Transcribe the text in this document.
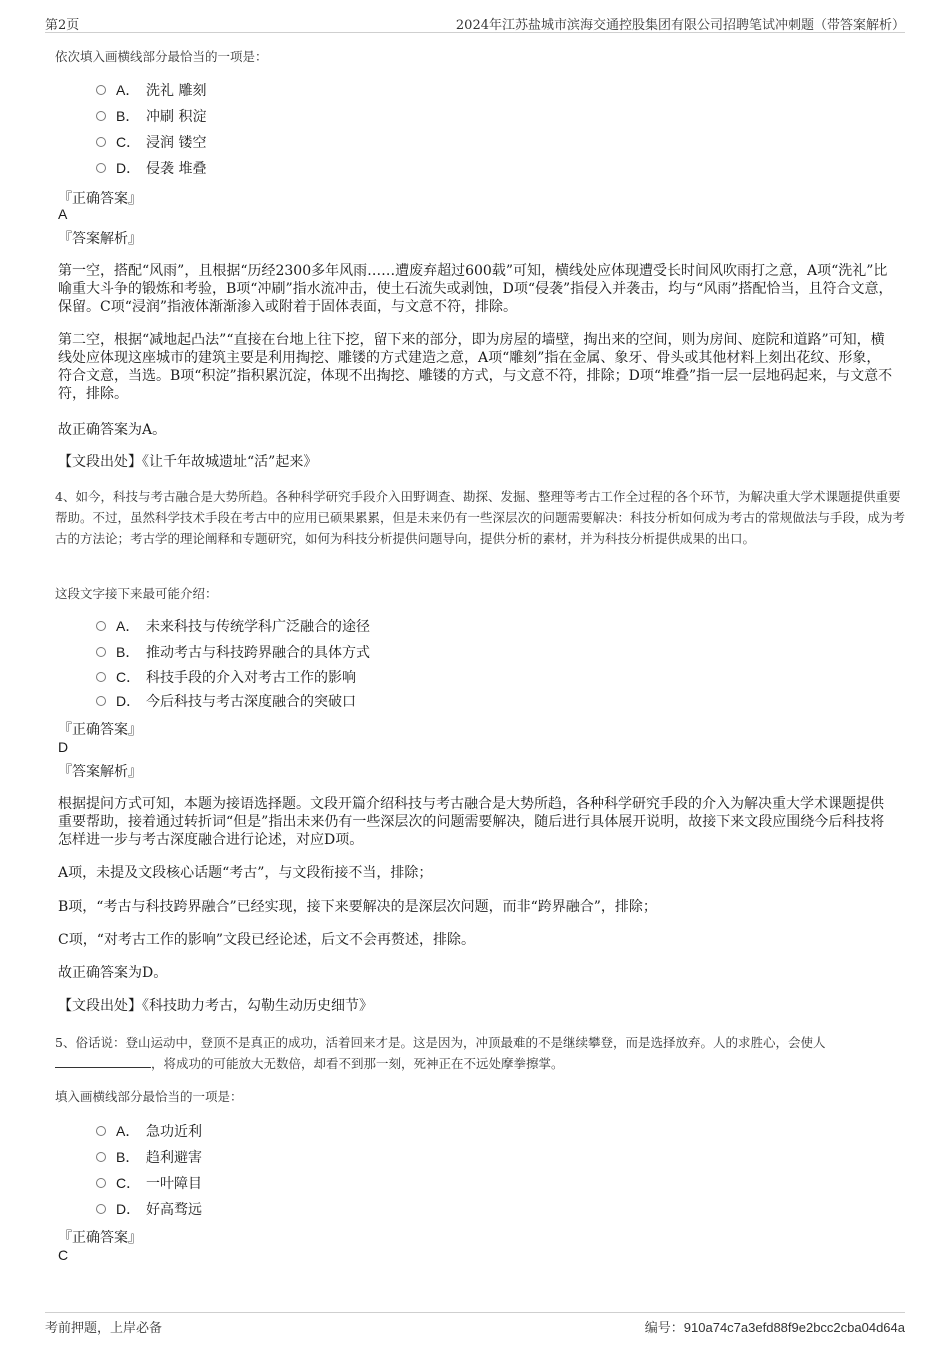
第2页	2024年江苏盐城市滨海交通控股集团有限公司招聘笔试冲刺题（带答案解析）
依次填入画横线部分最恰当的一项是：
A． 洗礼 雕刻
B． 冲刷 积淀
C． 浸润 镂空
D． 侵袭 堆叠
『正确答案』
A
『答案解析』
第一空，搭配“风雨”，且根据“历经2300多年风雨……遭废弃超过600载”可知，横线处应体现遭受长时间风吹雨打之意，A项“洗礼”比喻重大斗争的锻炼和考验，B项“冲刷”指水流冲击，使土石流失或剥蚀，D项“侵袭”指侵入并袭击，均与“风雨”搭配恰当，且符合文意，保留。C项“浸润”指液体渐渐渗入或附着于固体表面，与文意不符，排除。
第二空，根据“减地起凸法”“直接在台地上往下挖，留下来的部分，即为房屋的墙壁，掏出来的空间，则为房间、庭院和道路”可知，横线处应体现这座城市的建筑主要是利用掏挖、雕镂的方式建造之意，A项“雕刻”指在金属、象牙、骨头或其他材料上刻出花纹、形象，符合文意，当选。B项“积淀”指积累沉淀，体现不出掏挖、雕镂的方式，与文意不符，排除；D项“堆叠”指一层一层地码起来，与文意不符，排除。
故正确答案为A。
【文段出处】《让千年故城遗址“活”起来》
4、如今，科技与考古融合是大势所趋。各种科学研究手段介入田野调查、勘探、发掘、整理等考古工作全过程的各个环节，为解决重大学术课题提供重要帮助。不过，虽然科学技术手段在考古中的应用已硕果累累，但是未来仍有一些深层次的问题需要解决：科技分析如何成为考古的常规做法与手段，成为考古的方法论；考古学的理论阐释和专题研究，如何为科技分析提供问题导向，提供分析的素材，并为科技分析提供成果的出口。
这段文字接下来最可能介绍：
A． 未来科技与传统学科广泛融合的途径
B． 推动考古与科技跨界融合的具体方式
C． 科技手段的介入对考古工作的影响
D． 今后科技与考古深度融合的突破口
『正确答案』
D
『答案解析』
根据提问方式可知，本题为接语选择题。文段开篇介绍科技与考古融合是大势所趋，各种科学研究手段的介入为解决重大学术课题提供重要帮助，接着通过转折词“但是”指出未来仍有一些深层次的问题需要解决，随后进行具体展开说明，故接下来文段应围绕今后科技将怎样进一步与考古深度融合进行论述，对应D项。
A项，未提及文段核心话题“考古”，与文段衔接不当，排除；
B项，“考古与科技跨界融合”已经实现，接下来要解决的是深层次问题，而非“跨界融合”，排除；
C项，“对考古工作的影响”文段已经论述，后文不会再赘述，排除。
故正确答案为D。
【文段出处】《科技助力考古，勾勒生动历史细节》
5、俗话说：登山运动中，登顶不是真正的成功，活着回来才是。这是因为，冲顶最难的不是继续攀登，而是选择放弃。人的求胜心，会使人，将成功的可能放大无数倍，却看不到那一刻，死神正在不远处摩拳擦掌。
填入画横线部分最恰当的一项是：
A． 急功近利
B． 趋利避害
C． 一叶障目
D． 好高骛远
『正确答案』
C
考前押题，上岸必备	编号：910a74c7a3efd88f9e2bcc2cba04d64a
